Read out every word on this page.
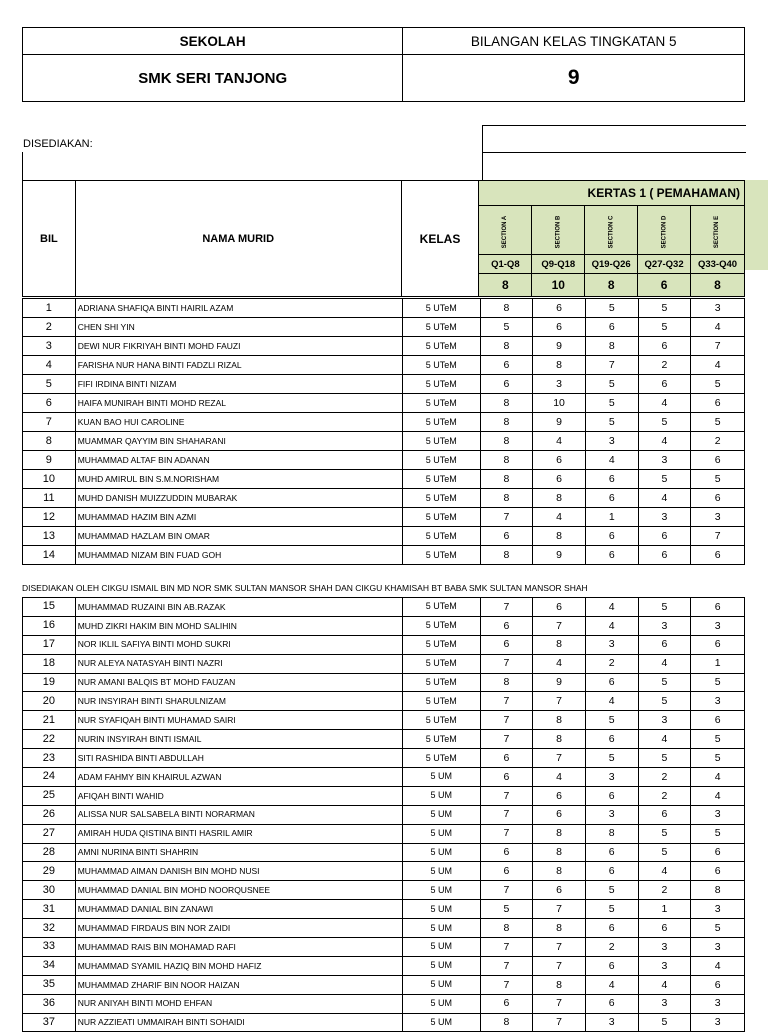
SEKOLAH	BILANGAN KELAS TINGKATAN 5
SMK SERI TANJONG	9
DISEDIAKAN:
BIL	NAMA MURID	KELAS	KERTAS 1 ( PEMAHAMAN)				
			SECTION A	SECTION B	SECTION C	SECTION D	SECTION E
			Q1-Q8	Q9-Q18	Q19-Q26	Q27-Q32	Q33-Q40
			8	10	8	6	8
DISEDIAKAN OLEH CIKGU ISMAIL BIN MD NOR SMK SULTAN MANSOR SHAH DAN CIKGU KHAMISAH BT BABA SMK SULTAN MANSOR SHAH
1	ADRIANA SHAFIQA BINTI HAIRIL AZAM	5 UTeM	8	6	5	5	3
2	CHEN SHI YIN	5 UTeM	5	6	6	5	4
3	DEWI NUR FIKRIYAH BINTI MOHD FAUZI	5 UTeM	8	9	8	6	7
4	FARISHA NUR HANA BINTI FADZLI RIZAL	5 UTeM	6	8	7	2	4
5	FIFI IRDINA BINTI NIZAM	5 UTeM	6	3	5	6	5
6	HAIFA MUNIRAH BINTI MOHD REZAL	5 UTeM	8	10	5	4	6
7	KUAN BAO HUI CAROLINE	5 UTeM	8	9	5	5	5
8	MUAMMAR QAYYIM BIN SHAHARANI	5 UTeM	8	4	3	4	2
9	MUHAMMAD ALTAF BIN ADANAN	5 UTeM	8	6	4	3	6
10	MUHD AMIRUL BIN S.M.NORISHAM	5 UTeM	8	6	6	5	5
11	MUHD DANISH MUIZZUDDIN MUBARAK	5 UTeM	8	8	6	4	6
12	MUHAMMAD HAZIM BIN AZMI	5 UTeM	7	4	1	3	3
13	MUHAMMAD HAZLAM BIN OMAR	5 UTeM	6	8	6	6	7
14	MUHAMMAD NIZAM BIN FUAD GOH	5 UTeM	8	9	6	6	6
15	MUHAMMAD RUZAINI BIN AB.RAZAK	5 UTeM	7	6	4	5	6
16	MUHD ZIKRI HAKIM BIN MOHD SALIHIN	5 UTeM	6	7	4	3	3
17	NOR IKLIL SAFIYA BINTI MOHD SUKRI	5 UTeM	6	8	3	6	6
18	NUR ALEYA NATASYAH BINTI NAZRI	5 UTeM	7	4	2	4	1
19	NUR AMANI BALQIS BT MOHD FAUZAN	5 UTeM	8	9	6	5	5
20	NUR INSYIRAH BINTI SHARULNIZAM	5 UTeM	7	7	4	5	3
21	NUR SYAFIQAH BINTI MUHAMAD SAIRI	5 UTeM	7	8	5	3	6
22	NURIN INSYIRAH BINTI ISMAIL	5 UTeM	7	8	6	4	5
23	SITI RASHIDA BINTI ABDULLAH	5 UTeM	6	7	5	5	5
24	ADAM FAHMY BIN KHAIRUL AZWAN	5 UM	6	4	3	2	4
25	AFIQAH BINTI WAHID	5 UM	7	6	6	2	4
26	ALISSA NUR SALSABELA BINTI NORARMAN	5 UM	7	6	3	6	3
27	AMIRAH HUDA QISTINA BINTI HASRIL AMIR	5 UM	7	8	8	5	5
28	AMNI NURINA BINTI SHAHRIN	5 UM	6	8	6	5	6
29	MUHAMMAD AIMAN DANISH BIN MOHD NUSI	5 UM	6	8	6	4	6
30	MUHAMMAD DANIAL BIN MOHD NOORQUSNEE	5 UM	7	6	5	2	8
31	MUHAMMAD DANIAL BIN ZANAWI	5 UM	5	7	5	1	3
32	MUHAMMAD FIRDAUS BIN NOR ZAIDI	5 UM	8	8	6	6	5
33	MUHAMMAD RAIS BIN MOHAMAD RAFI	5 UM	7	7	2	3	3
34	MUHAMMAD SYAMIL HAZIQ BIN MOHD HAFIZ	5 UM	7	7	6	3	4
35	MUHAMMAD ZHARIF BIN NOOR HAIZAN	5 UM	7	8	4	4	6
36	NUR ANIYAH BINTI MOHD EHFAN	5 UM	6	7	6	3	3
37	NUR AZZIEATI UMMAIRAH BINTI SOHAIDI	5 UM	8	7	3	5	3
